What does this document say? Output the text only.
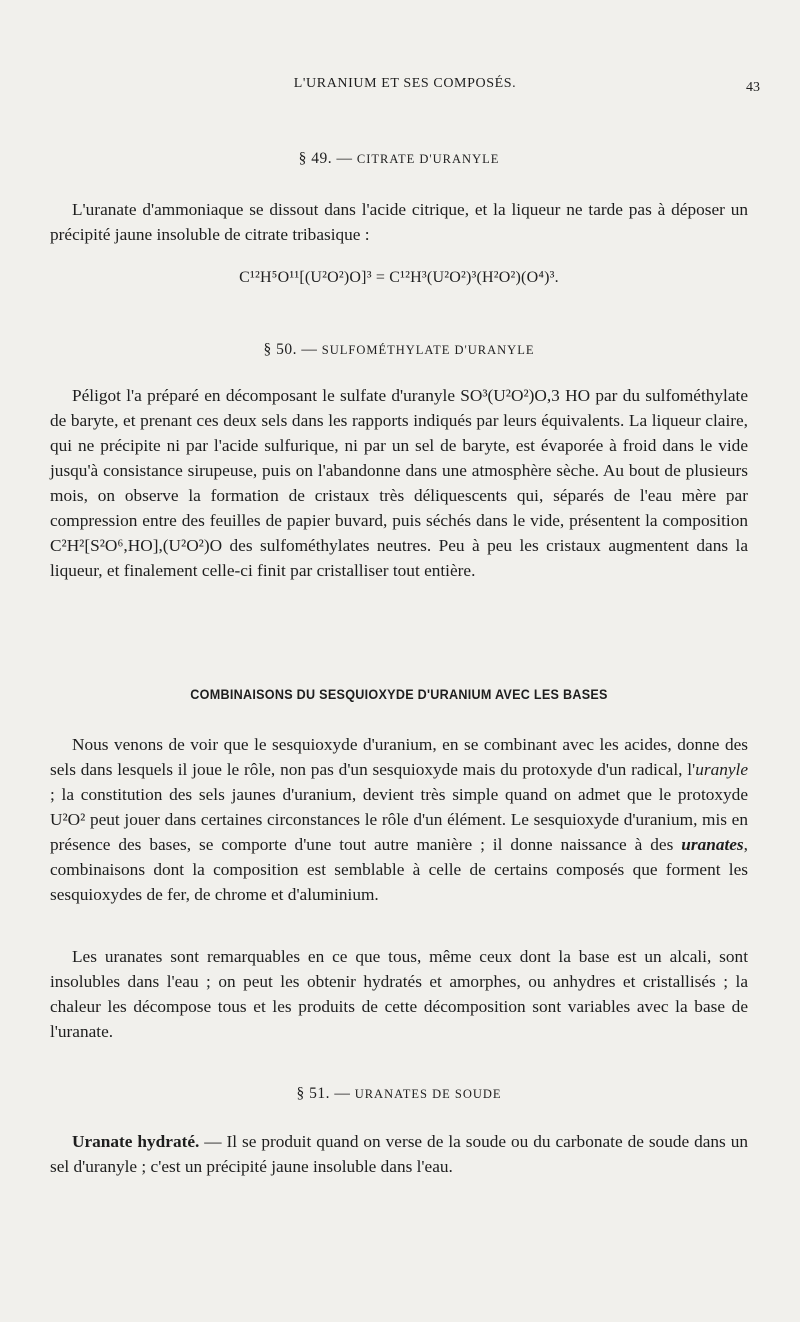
L'URANIUM ET SES COMPOSÉS.	43
§ 49. — CITRATE D'URANYLE

L'uranate d'ammoniaque se dissout dans l'acide citrique, et la liqueur ne tarde pas à déposer un précipité jaune insoluble de citrate tribasique :

C¹²H⁵O¹¹[(U²O²)O]³ = C¹²H³(U²O²)³(H²O²)(O⁴)³.
§ 50. — SULFOMÉTHYLATE D'URANYLE

Péligot l'a préparé en décomposant le sulfate d'uranyle SO³(U²O²)O,3 HO par du sulfométhylate de baryte, et prenant ces deux sels dans les rapports indiqués par leurs équivalents. La liqueur claire, qui ne précipite ni par l'acide sulfurique, ni par un sel de baryte, est évaporée à froid dans le vide jusqu'à consistance sirupeuse, puis on l'abandonne dans une atmosphère sèche. Au bout de plusieurs mois, on observe la formation de cristaux très déliquescents qui, séparés de l'eau mère par compression entre des feuilles de papier buvard, puis séchés dans le vide, présentent la composition C²H²[S²O⁶,HO],(U²O²)O des sulfométhylates neutres. Peu à peu les cristaux augmentent dans la liqueur, et finalement celle-ci finit par cristalliser tout entière.

COMBINAISONS DU SESQUIOXYDE D'URANIUM AVEC LES BASES

Nous venons de voir que le sesquioxyde d'uranium, en se combinant avec les acides, donne des sels dans lesquels il joue le rôle, non pas d'un sesquioxyde mais du protoxyde d'un radical, l'uranyle ; la constitution des sels jaunes d'uranium, devient très simple quand on admet que le protoxyde U²O² peut jouer dans certaines circonstances le rôle d'un élément. Le sesquioxyde d'uranium, mis en présence des bases, se comporte d'une tout autre manière ; il donne naissance à des uranates, combinaisons dont la composition est semblable à celle de certains composés que forment les sesquioxydes de fer, de chrome et d'aluminium.

Les uranates sont remarquables en ce que tous, même ceux dont la base est un alcali, sont insolubles dans l'eau ; on peut les obtenir hydratés et amorphes, ou anhydres et cristallisés ; la chaleur les décompose tous et les produits de cette décomposition sont variables avec la base de l'uranate.

§ 51. — URANATES DE SOUDE

Uranate hydraté. — Il se produit quand on verse de la soude ou du carbonate de soude dans un sel d'uranyle ; c'est un précipité jaune insoluble dans l'eau.
